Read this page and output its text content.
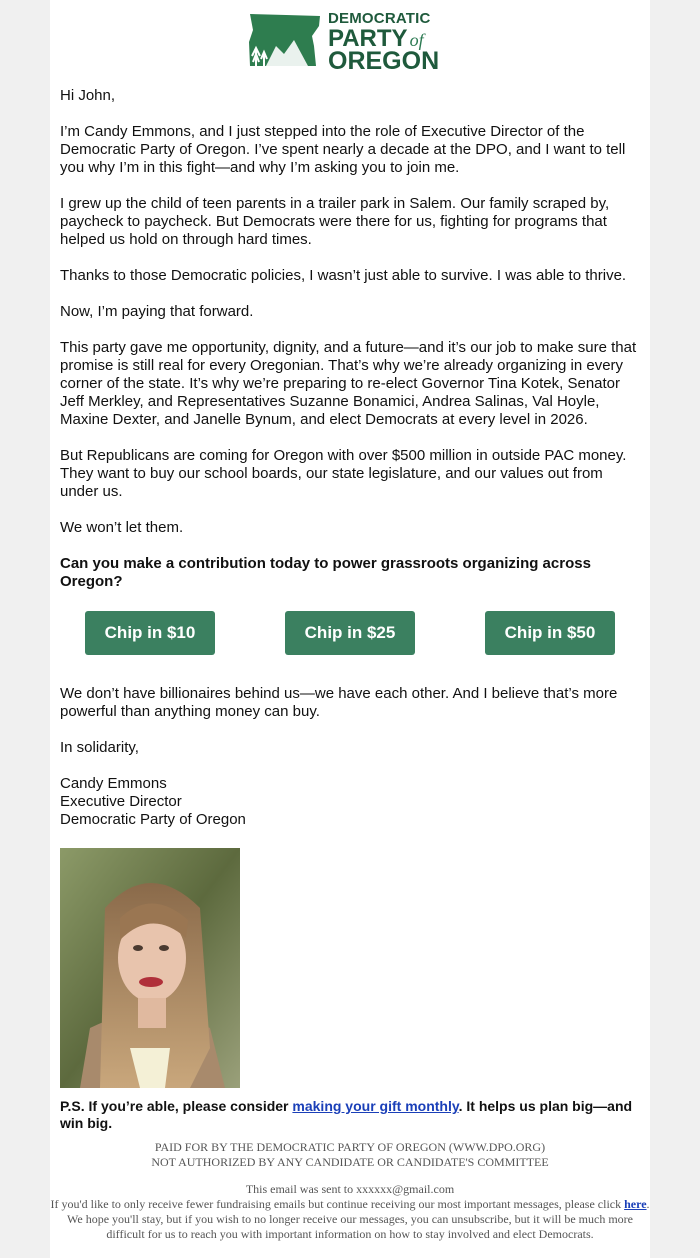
DEMOCRATIC
PARTY of
OREGON

Hi John,

I’m Candy Emmons, and I just stepped into the role of Executive Director of the Democratic Party of Oregon. I’ve spent nearly a decade at the DPO, and I want to tell you why I’m in this fight—and why I’m asking you to join me.

I grew up the child of teen parents in a trailer park in Salem. Our family scraped by, paycheck to paycheck. But Democrats were there for us, fighting for programs that helped us hold on through hard times.

Thanks to those Democratic policies, I wasn’t just able to survive. I was able to thrive.

Now, I’m paying that forward.

This party gave me opportunity, dignity, and a future—and it’s our job to make sure that promise is still real for every Oregonian. That’s why we’re already organizing in every corner of the state. It’s why we’re preparing to re-elect Governor Tina Kotek, Senator Jeff Merkley, and Representatives Suzanne Bonamici, Andrea Salinas, Val Hoyle, Maxine Dexter, and Janelle Bynum, and elect Democrats at every level in 2026.

But Republicans are coming for Oregon with over $500 million in outside PAC money. They want to buy our school boards, our state legislature, and our values out from under us.

We won’t let them.

Can you make a contribution today to power grassroots organizing across Oregon?

Chip in $10	Chip in $25	Chip in $50

We don’t have billionaires behind us—we have each other. And I believe that’s more powerful than anything money can buy.

In solidarity,

Candy Emmons
Executive Director
Democratic Party of Oregon
P.S. If you’re able, please consider making your gift monthly. It helps us plan big—and win big.
PAID FOR BY THE DEMOCRATIC PARTY OF OREGON (WWW.DPO.ORG)
NOT AUTHORIZED BY ANY CANDIDATE OR CANDIDATE'S COMMITTEE
This email was sent to xxxxxx@gmail.com
If you'd like to only receive fewer fundraising emails but continue receiving our most important messages, please click here. We hope you'll stay, but if you wish to no longer receive our messages, you can unsubscribe, but it will be much more difficult for us to reach you with important information on how to stay involved and elect Democrats.
